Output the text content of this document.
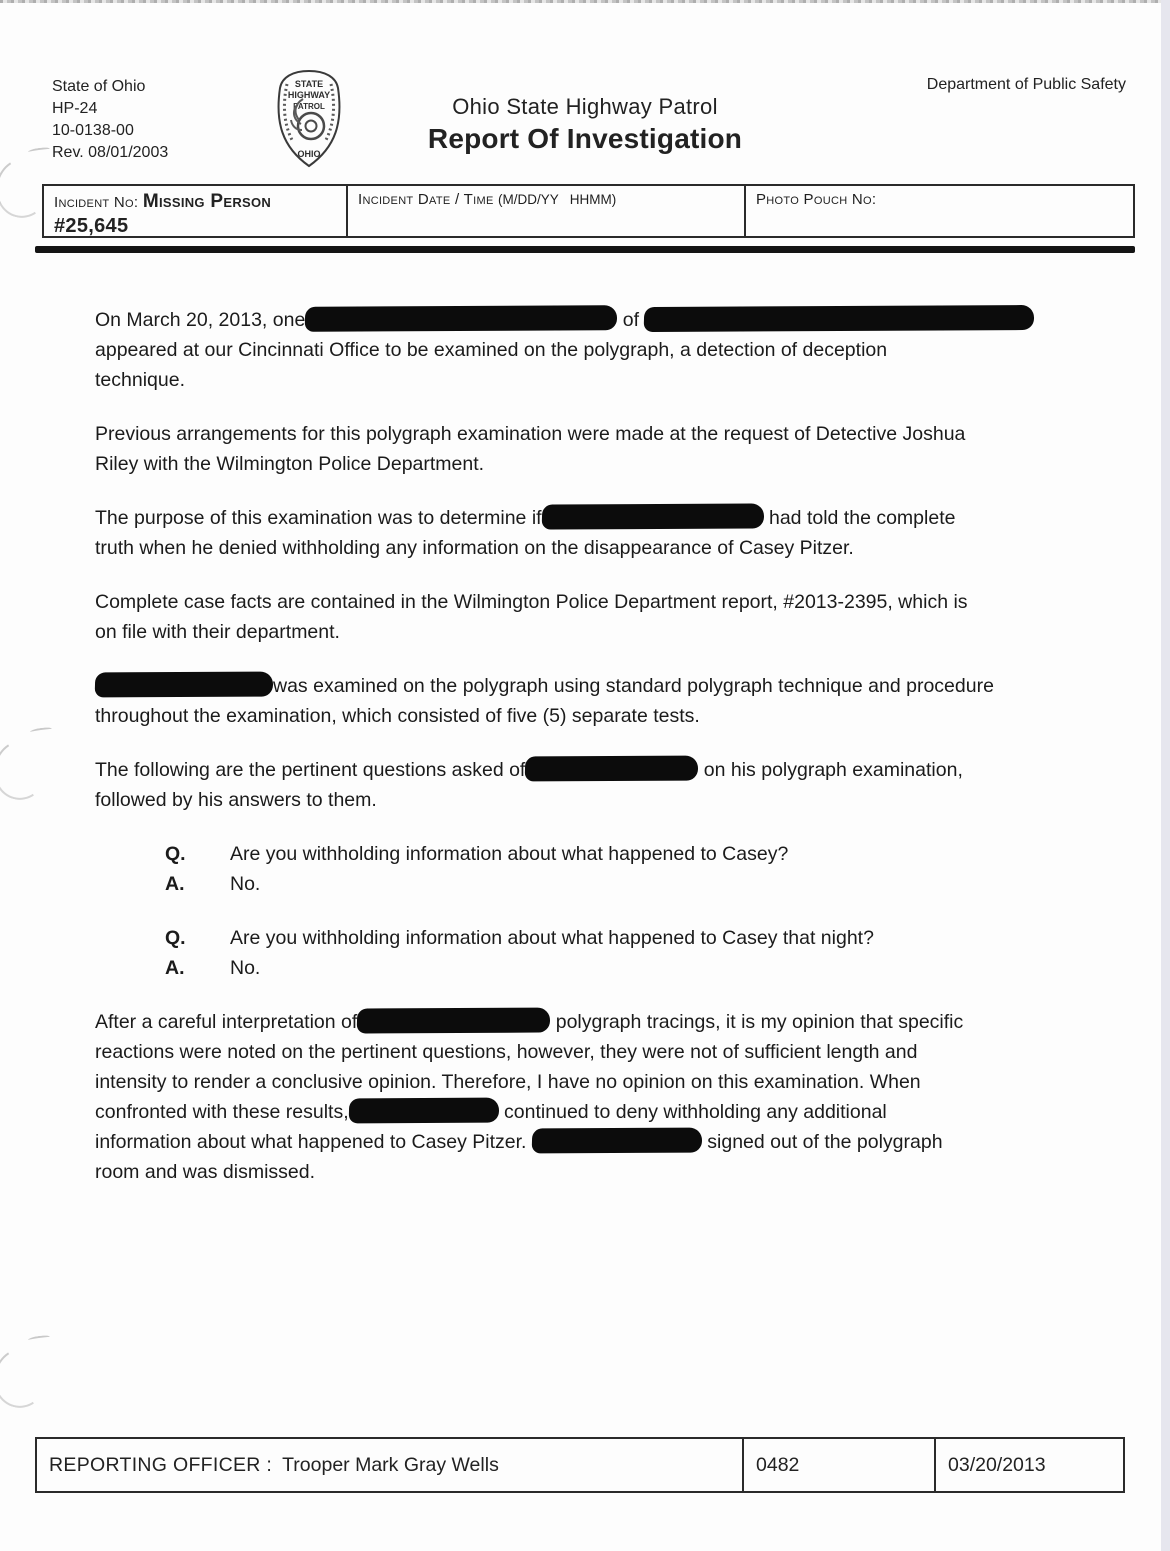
State of Ohio
HP-24
10-0138-00
Rev. 08/01/2003
STATE
HIGHWAY
PATROL
OHIO
Ohio State Highway Patrol
Report Of Investigation
Department of Public Safety
Incident No: Missing Person
#25,645
Incident Date / Time (M/DD/YY   HHMM)	Photo Pouch No:
On March 20, 2013, one	of
appeared at our Cincinnati Office to be examined on the polygraph, a detection of deception
technique.
Previous arrangements for this polygraph examination were made at the request of Detective Joshua
Riley with the Wilmington Police Department.
The purpose of this examination was to determine if	had told the complete
truth when he denied withholding any information on the disappearance of Casey Pitzer.
Complete case facts are contained in the Wilmington Police Department report, #2013-2395, which is
on file with their department.
was examined on the polygraph using standard polygraph technique and procedure
throughout the examination, which consisted of five (5) separate tests.
The following are the pertinent questions asked of	on his polygraph examination,
followed by his answers to them.
Q. Are you withholding information about what happened to Casey?
A. No.
Q. Are you withholding information about what happened to Casey that night?
A. No.
After a careful interpretation of	polygraph tracings, it is my opinion that specific
reactions were noted on the pertinent questions, however, they were not of sufficient length and
intensity to render a conclusive opinion. Therefore, I have no opinion on this examination. When
confronted with these results,	continued to deny withholding any additional
information about what happened to Casey Pitzer.	signed out of the polygraph
room and was dismissed.
REPORTING OFFICER : Trooper Mark Gray Wells	0482	03/20/2013
